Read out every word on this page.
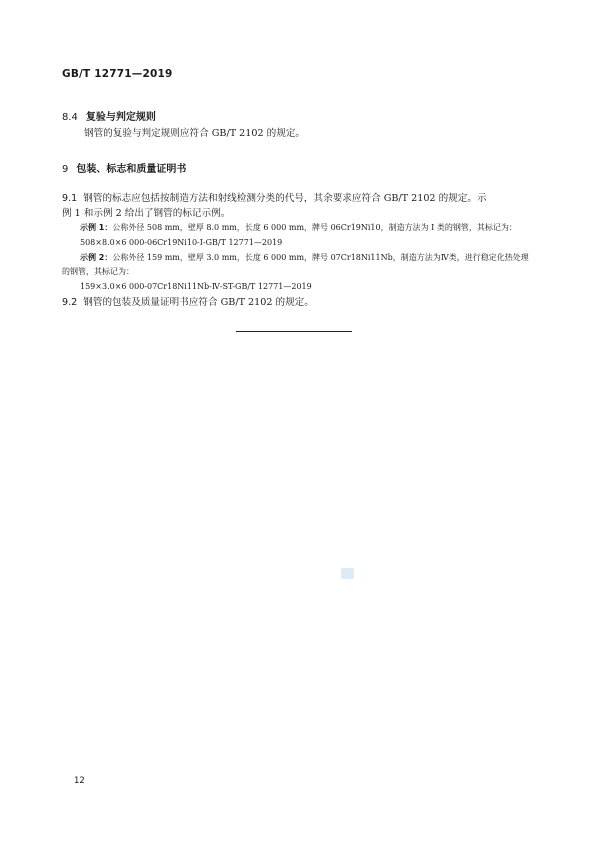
GB/T 12771—2019
8.4 复验与判定规则
钢管的复验与判定规则应符合 GB/T 2102 的规定。
9 包装、标志和质量证明书
9.1 钢管的标志应包括按制造方法和射线检测分类的代号，其余要求应符合 GB/T 2102 的规定。示
例 1 和示例 2 给出了钢管的标记示例。
示例 1：公称外径 508 mm，壁厚 8.0 mm，长度 6 000 mm，牌号 06Cr19Ni10，制造方法为 Ⅰ 类的钢管，其标记为：
508×8.0×6 000-06Cr19Ni10-Ⅰ-GB/T 12771—2019
示例 2：公称外径 159 mm，壁厚 3.0 mm，长度 6 000 mm，牌号 07Cr18Ni11Nb，制造方法为Ⅳ类，进行稳定化热处理
的钢管，其标记为：
159×3.0×6 000-07Cr18Ni11Nb-Ⅳ-ST-GB/T 12771—2019
9.2 钢管的包装及质量证明书应符合 GB/T 2102 的规定。
12
